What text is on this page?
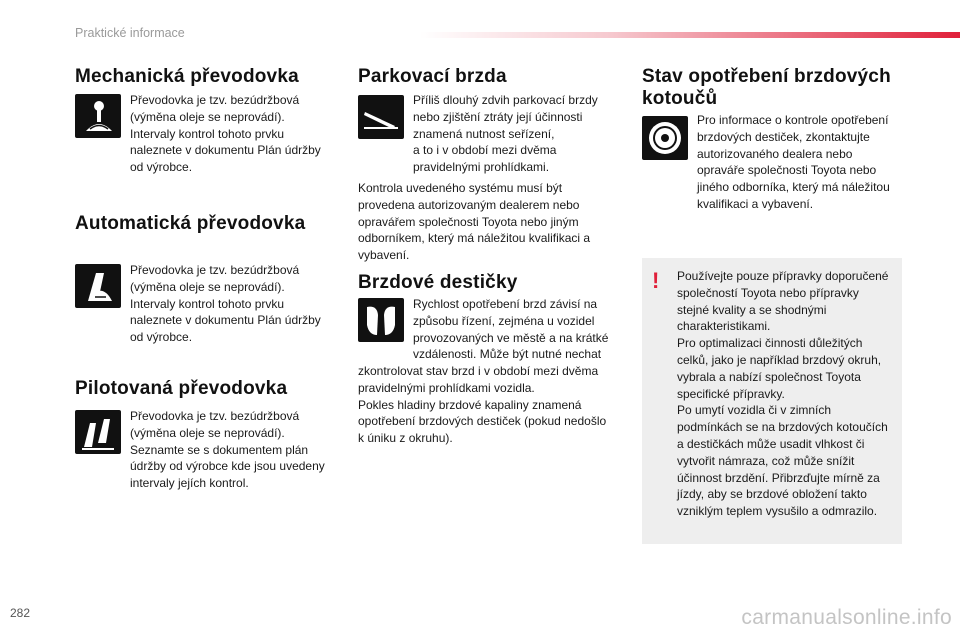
Praktické informace
Mechanická převodovka
Převodovka je tzv. bezúdržbová
(výměna oleje se neprovádí).
Intervaly kontrol tohoto prvku
naleznete v dokumentu Plán údržby
od výrobce.
Automatická převodovka
Převodovka je tzv. bezúdržbová
(výměna oleje se neprovádí).
Intervaly kontrol tohoto prvku
naleznete v dokumentu Plán údržby
od výrobce.
Pilotovaná převodovka
Převodovka je tzv. bezúdržbová
(výměna oleje se neprovádí).
Seznamte se s dokumentem plán
údržby od výrobce kde jsou uvedeny
intervaly jejích kontrol.
Parkovací brzda
Příliš dlouhý zdvih parkovací brzdy
nebo zjištění ztráty její účinnosti
znamená nutnost seřízení,
a to i v období mezi dvěma
pravidelnými prohlídkami.
Kontrola uvedeného systému musí být
provedena autorizovaným dealerem nebo
opravářem společnosti Toyota nebo jiným
odborníkem, který má náležitou kvalifikaci a
vybavení.
Brzdové destičky
Rychlost opotřebení brzd závisí na
způsobu řízení, zejména u vozidel
provozovaných ve městě a na krátké
vzdálenosti. Může být nutné nechat
zkontrolovat stav brzd i v období mezi dvěma
pravidelnými prohlídkami vozidla.
Pokles hladiny brzdové kapaliny znamená
opotřebení brzdových destiček (pokud nedošlo
k úniku z okruhu).
Stav opotřebení brzdových
kotoučů
Pro informace o kontrole opotřebení
brzdových destiček, zkontaktujte
autorizovaného dealera nebo
opraváře společnosti Toyota nebo
jiného odborníka, který má náležitou
kvalifikaci a vybavení.
! Používejte pouze přípravky doporučené
společností Toyota nebo přípravky
stejné kvality a se shodnými
charakteristikami.
Pro optimalizaci činnosti důležitých
celků, jako je například brzdový okruh,
vybrala a nabízí společnost Toyota
specifické přípravky.
Po umytí vozidla či v zimních
podmínkách se na brzdových kotoučích
a destičkách může usadit vlhkost či
vytvořit námraza, což může snížit
účinnost brzdění. Přibrzďujte mírně za
jízdy, aby se brzdové obložení takto
vzniklým teplem vysušilo a odmrazilo.
282	carmanualsonline.info
